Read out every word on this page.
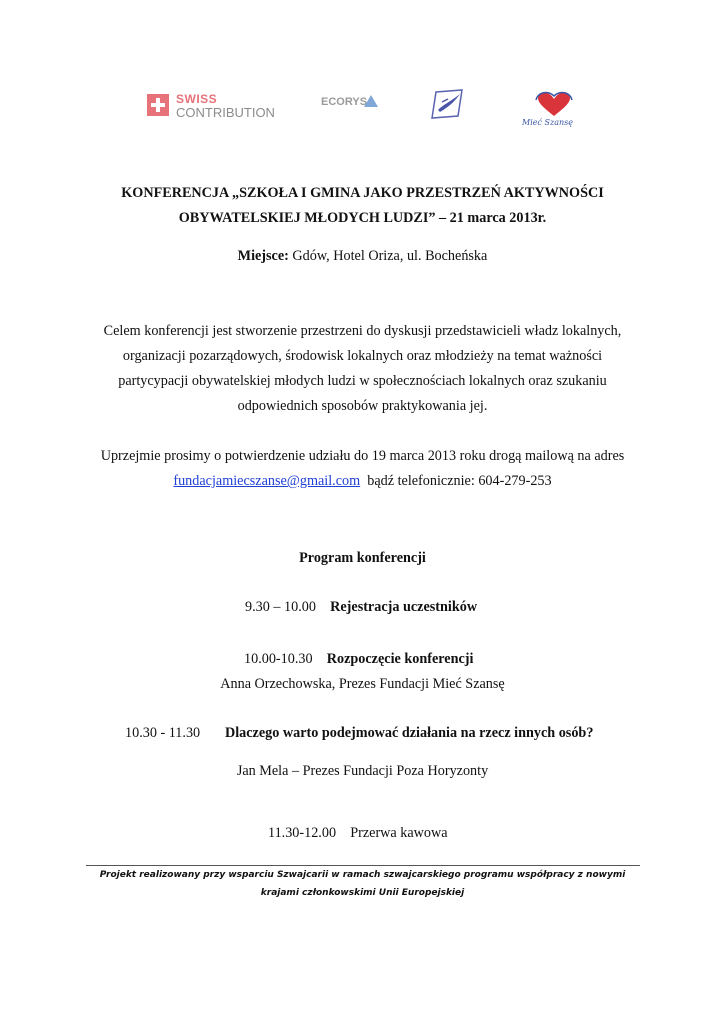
SWISS
CONTRIBUTION
ECORYS
Mieć Szansę
KONFERENCJA „SZKOŁA I GMINA JAKO PRZESTRZEŃ AKTYWNOŚCI
OBYWATELSKIEJ MŁODYCH LUDZI” – 21 marca 2013r.
Miejsce: Gdów, Hotel Oriza, ul. Bocheńska
Celem konferencji jest stworzenie przestrzeni do dyskusji przedstawicieli władz lokalnych,
organizacji pozarządowych, środowisk lokalnych oraz młodzieży na temat ważności
partycypacji obywatelskiej młodych ludzi w społecznościach lokalnych oraz szukaniu
odpowiednich sposobów praktykowania jej.
Uprzejmie prosimy o potwierdzenie udziału do 19 marca 2013 roku drogą mailową na adres
fundacjamiecszanse@gmail.com bądź telefonicznie: 604-279-253
Program konferencji
9.30 – 10.00 Rejestracja uczestników
10.00-10.30 Rozpoczęcie konferencji
Anna Orzechowska, Prezes Fundacji Mieć Szansę
10.30 - 11.30 Dlaczego warto podejmować działania na rzecz innych osób?
Jan Mela – Prezes Fundacji Poza Horyzonty
11.30-12.00 Przerwa kawowa
Projekt realizowany przy wsparciu Szwajcarii w ramach szwajcarskiego programu współpracy z nowymi
krajami członkowskimi Unii Europejskiej
